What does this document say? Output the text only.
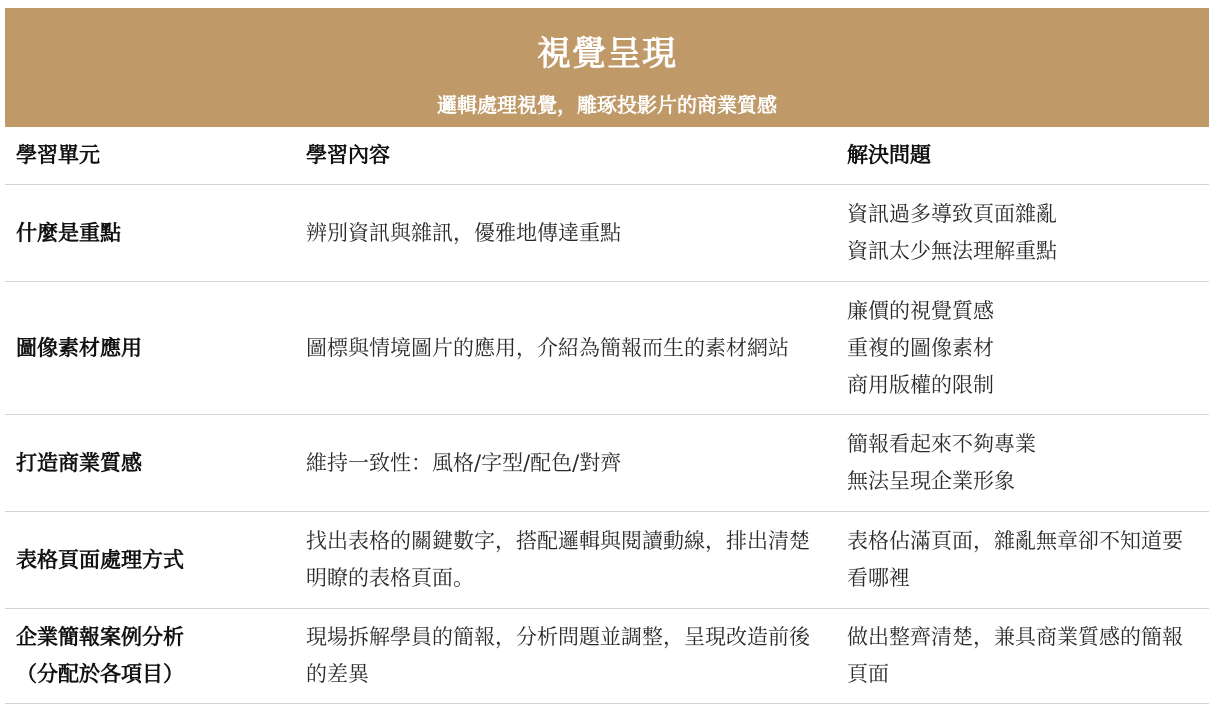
視覺呈現
邏輯處理視覺，雕琢投影片的商業質感
學習單元	學習內容	解決問題

什麼是重點	辨別資訊與雜訊，優雅地傳達重點	資訊過多導致頁面雜亂
資訊太少無法理解重點

圖像素材應用	圖標與情境圖片的應用，介紹為簡報而生的素材網站	廉價的視覺質感
重複的圖像素材
商用版權的限制

打造商業質感	維持一致性：風格/字型/配色/對齊	簡報看起來不夠專業
無法呈現企業形象

表格頁面處理方式	找出表格的關鍵數字，搭配邏輯與閱讀動線，排出清楚明瞭的表格頁面。	表格佔滿頁面，雜亂無章卻不知道要看哪裡

企業簡報案例分析
（分配於各項目）	現場拆解學員的簡報，分析問題並調整，呈現改造前後的差異	做出整齊清楚，兼具商業質感的簡報頁面
